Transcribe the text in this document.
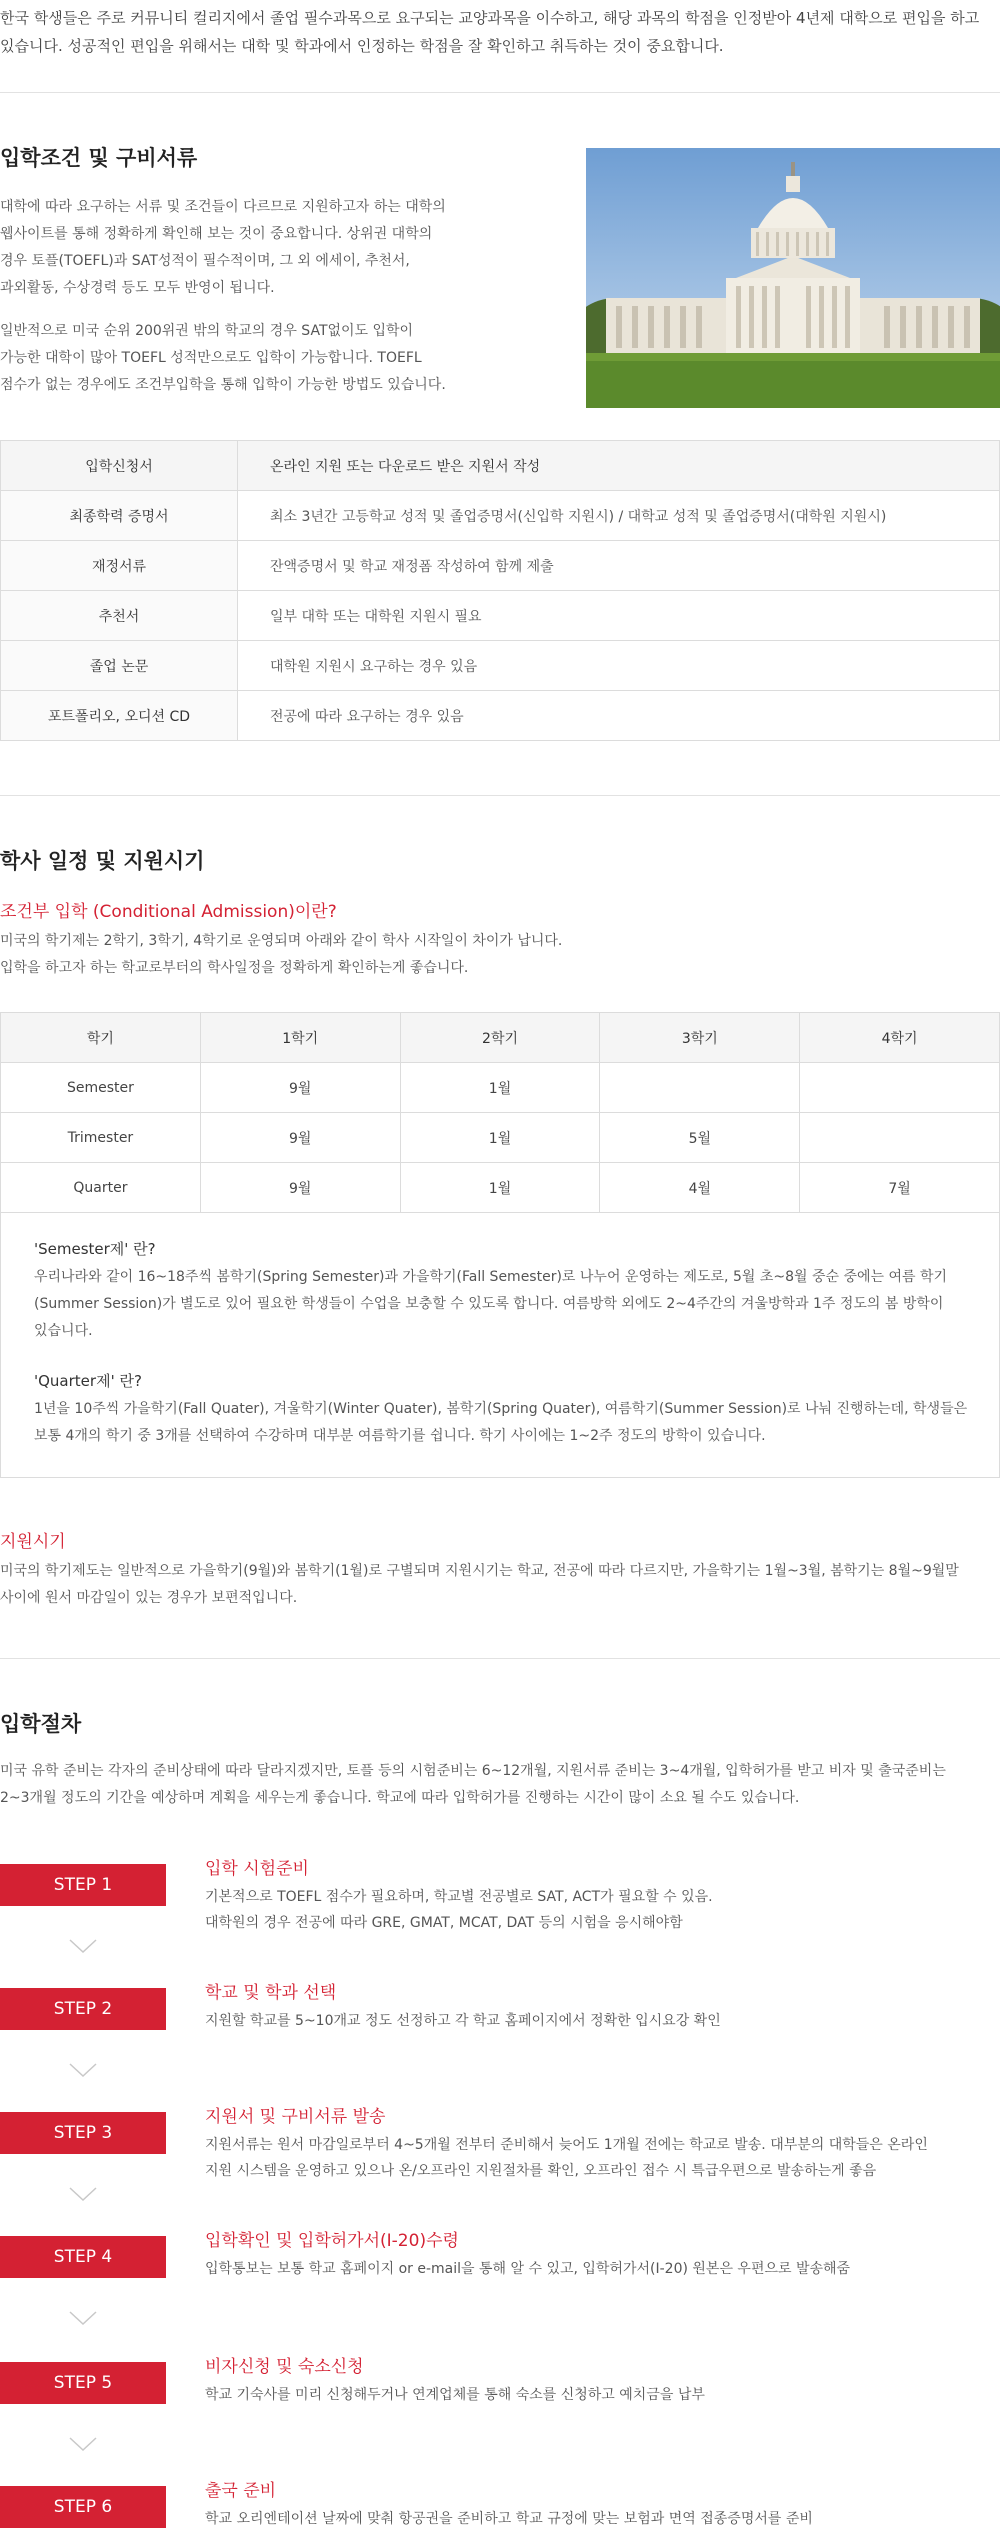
한국 학생들은 주로 커뮤니티 컬리지에서 졸업 필수과목으로 요구되는 교양과목을 이수하고, 해당 과목의 학점을 인정받아 4년제 대학으로 편입을 하고 있습니다. 성공적인 편입을 위해서는 대학 및 학과에서 인정하는 학점을 잘 확인하고 취득하는 것이 중요합니다.

입학조건 및 구비서류
대학에 따라 요구하는 서류 및 조건들이 다르므로 지원하고자 하는 대학의
웹사이트를 통해 정확하게 확인해 보는 것이 중요합니다. 상위권 대학의
경우 토플(TOEFL)과 SAT성적이 필수적이며, 그 외 에세이, 추천서,
과외활동, 수상경력 등도 모두 반영이 됩니다.
일반적으로 미국 순위 200위권 밖의 학교의 경우 SAT없이도 입학이
가능한 대학이 많아 TOEFL 성적만으로도 입학이 가능합니다. TOEFL
점수가 없는 경우에도 조건부입학을 통해 입학이 가능한 방법도 있습니다.
입학신청서	온라인 지원 또는 다운로드 받은 지원서 작성
최종학력 증명서	최소 3년간 고등학교 성적 및 졸업증명서(신입학 지원시) / 대학교 성적 및 졸업증명서(대학원 지원시)
재정서류	잔액증명서 및 학교 재정폼 작성하여 함께 제출
추천서	일부 대학 또는 대학원 지원시 필요
졸업 논문	대학원 지원시 요구하는 경우 있음
포트폴리오, 오디션 CD	전공에 따라 요구하는 경우 있음
학사 일정 및 지원시기
조건부 입학 (Conditional Admission)이란?
미국의 학기제는 2학기, 3학기, 4학기로 운영되며 아래와 같이 학사 시작일이 차이가 납니다.
입학을 하고자 하는 학교로부터의 학사일정을 정확하게 확인하는게 좋습니다.
학기	1학기	2학기	3학기	4학기
Semester	9월	1월		
Trimester	9월	1월	5월	
Quarter	9월	1월	4월	7월
'Semester제' 란?
우리나라와 같이 16~18주씩 봄학기(Spring Semester)과 가을학기(Fall Semester)로 나누어 운영하는 제도로, 5월 초~8월 중순 중에는 여름 학기
(Summer Session)가 별도로 있어 필요한 학생들이 수업을 보충할 수 있도록 합니다. 여름방학 외에도 2~4주간의 겨울방학과 1주 정도의 봄 방학이
있습니다.
'Quarter제' 란?
1년을 10주씩 가을학기(Fall Quater), 겨울학기(Winter Quater), 봄학기(Spring Quater), 여름학기(Summer Session)로 나눠 진행하는데, 학생들은
보통 4개의 학기 중 3개를 선택하여 수강하며 대부분 여름학기를 쉽니다. 학기 사이에는 1~2주 정도의 방학이 있습니다.
지원시기
미국의 학기제도는 일반적으로 가을학기(9월)와 봄학기(1월)로 구별되며 지원시기는 학교, 전공에 따라 다르지만, 가을학기는 1월~3월, 봄학기는 8월~9월말
사이에 원서 마감일이 있는 경우가 보편적입니다.
입학절차
미국 유학 준비는 각자의 준비상태에 따라 달라지겠지만, 토플 등의 시험준비는 6~12개월, 지원서류 준비는 3~4개월, 입학허가를 받고 비자 및 출국준비는
2~3개월 정도의 기간을 예상하며 계획을 세우는게 좋습니다. 학교에 따라 입학허가를 진행하는 시간이 많이 소요 될 수도 있습니다.
STEP 1
입학 시험준비
기본적으로 TOEFL 점수가 필요하며, 학교별 전공별로 SAT, ACT가 필요할 수 있음.
대학원의 경우 전공에 따라 GRE, GMAT, MCAT, DAT 등의 시험을 응시해야함
STEP 2
학교 및 학과 선택
지원할 학교를 5~10개교 정도 선정하고 각 학교 홈페이지에서 정확한 입시요강 확인
STEP 3
지원서 및 구비서류 발송
지원서류는 원서 마감일로부터 4~5개월 전부터 준비해서 늦어도 1개월 전에는 학교로 발송. 대부분의 대학들은 온라인
지원 시스템을 운영하고 있으나 온/오프라인 지원절차를 확인, 오프라인 접수 시 특급우편으로 발송하는게 좋음
STEP 4
입학확인 및 입학허가서(I-20)수령
입학통보는 보통 학교 홈페이지 or e-mail을 통해 알 수 있고, 입학허가서(I-20) 원본은 우편으로 발송해줌
STEP 5
비자신청 및 숙소신청
학교 기숙사를 미리 신청해두거나 연계업체를 통해 숙소를 신청하고 예치금을 납부
STEP 6
출국 준비
학교 오리엔테이션 날짜에 맞춰 항공권을 준비하고 학교 규정에 맞는 보험과 면역 접종증명서를 준비
